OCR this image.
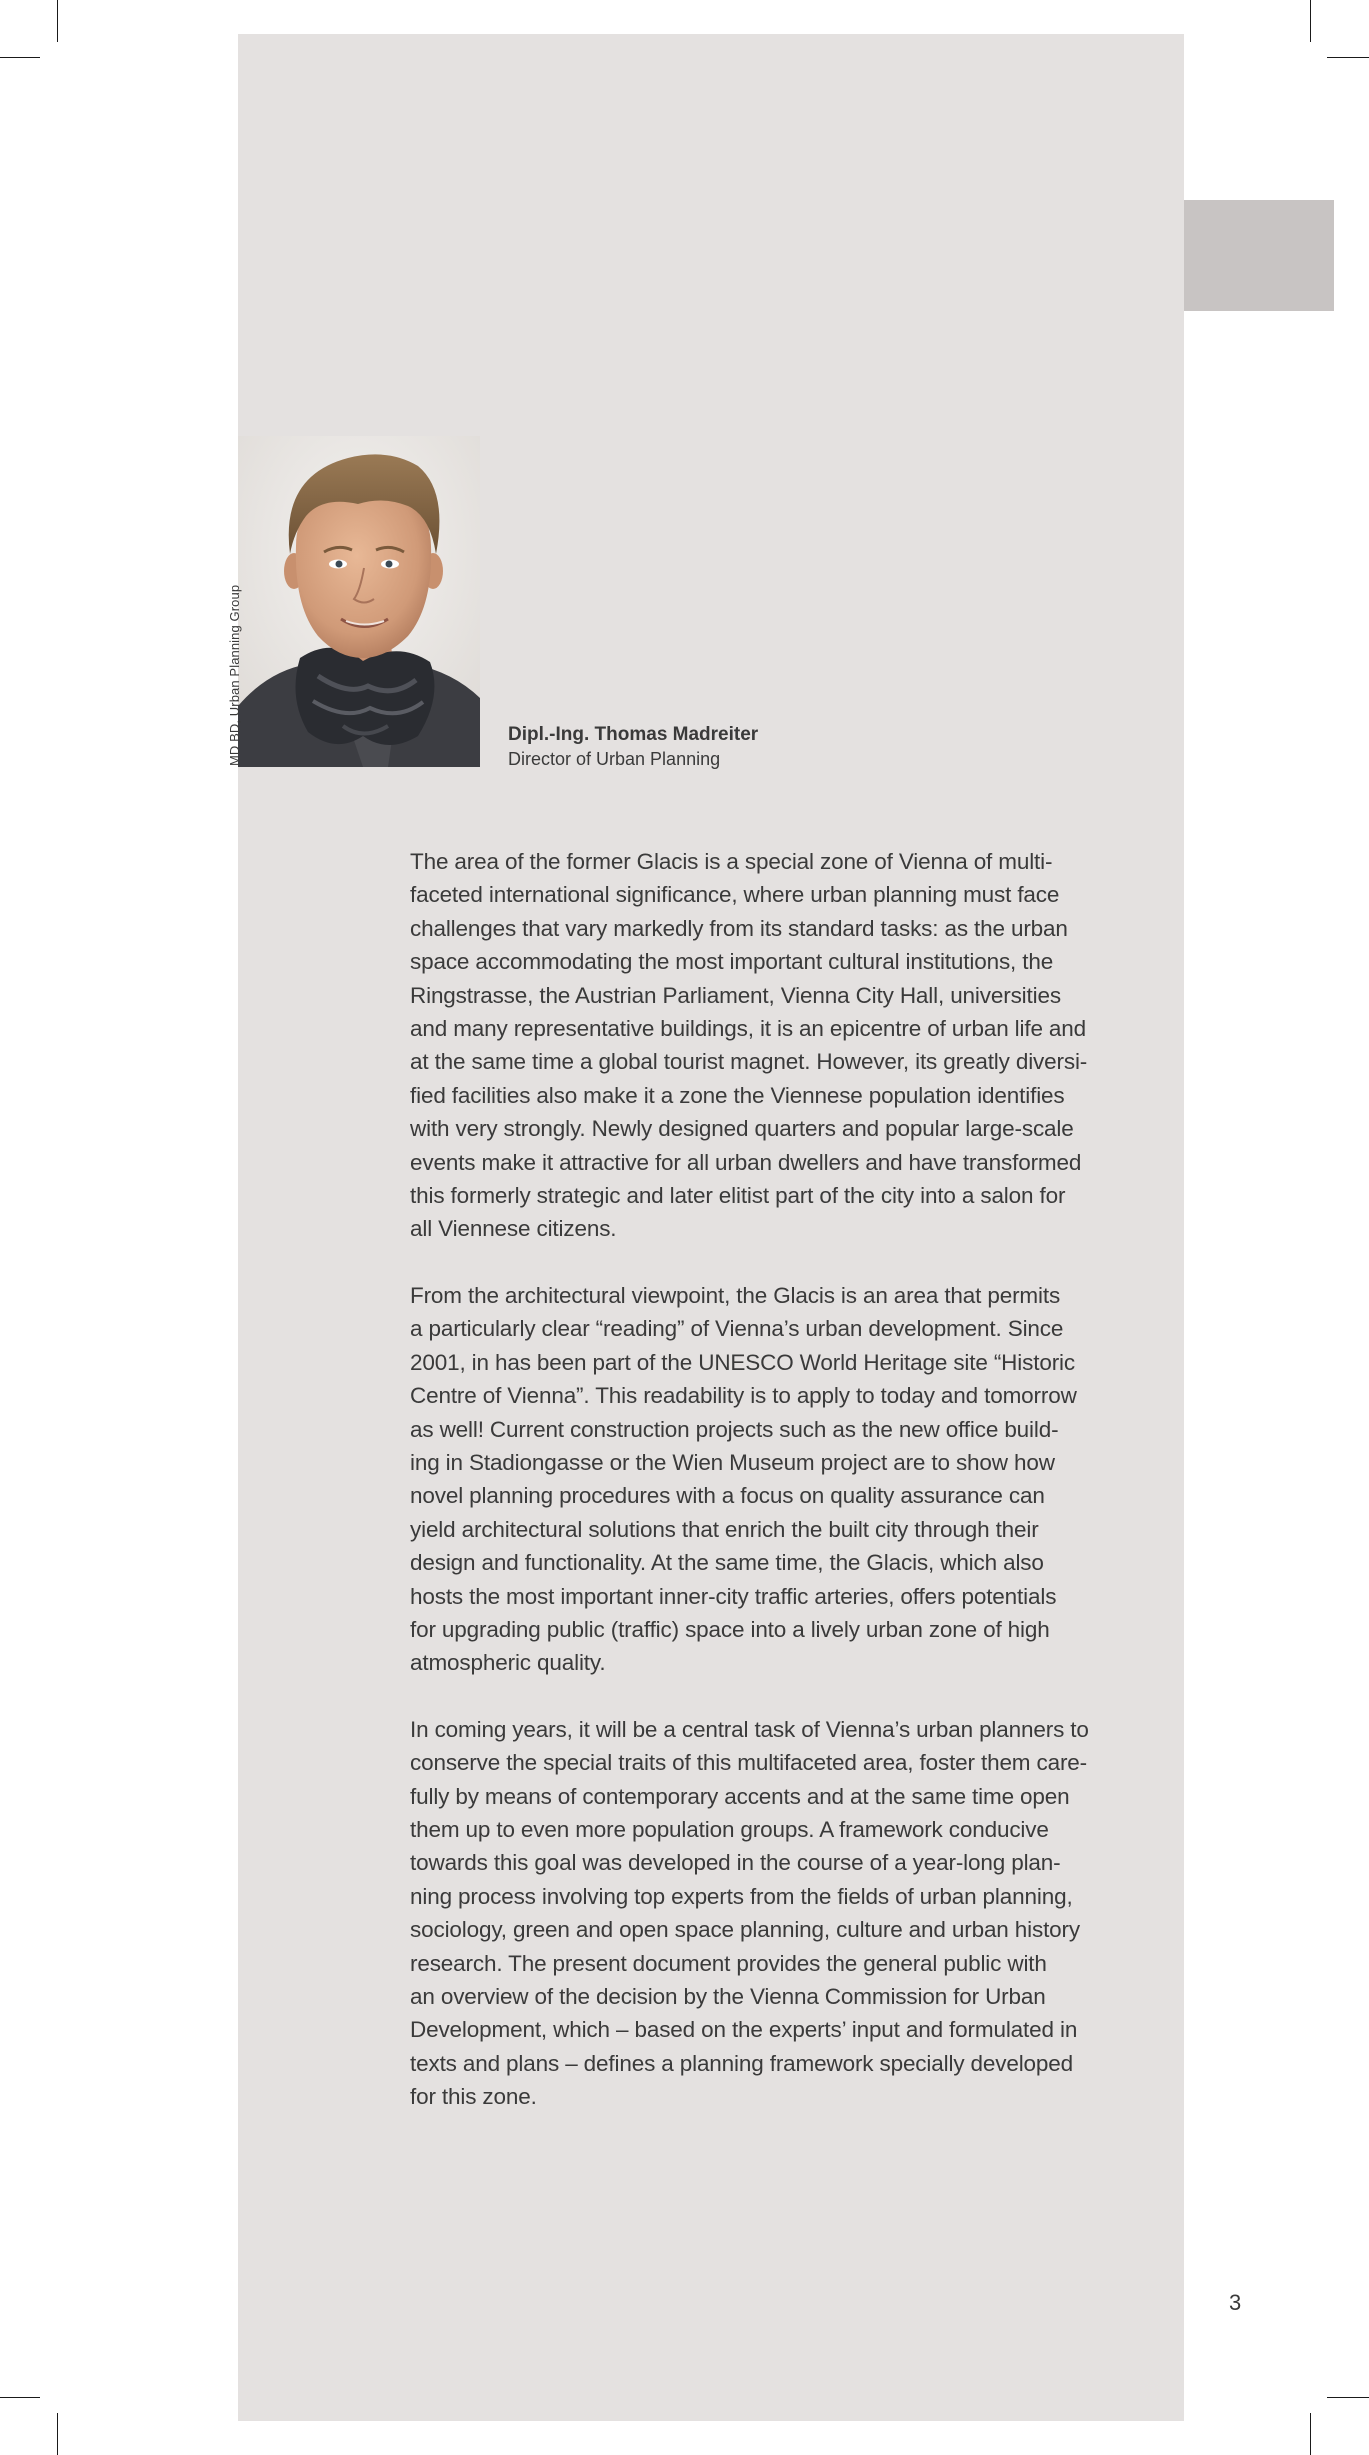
MD BD, Urban Planning Group	Dipl.-Ing. Thomas Madreiter
Director of Urban Planning

The area of the former Glacis is a special zone of Vienna of multi-
faceted international significance, where urban planning must face
challenges that vary markedly from its standard tasks: as the urban
space accommodating the most important cultural institutions, the
Ringstrasse, the Austrian Parliament, Vienna City Hall, universities
and many representative buildings, it is an epicentre of urban life and
at the same time a global tourist magnet. However, its greatly diversi-
fied facilities also make it a zone the Viennese population identifies
with very strongly. Newly designed quarters and popular large-scale
events make it attractive for all urban dwellers and have transformed
this formerly strategic and later elitist part of the city into a salon for
all Viennese citizens.

From the architectural viewpoint, the Glacis is an area that permits
a particularly clear “reading” of Vienna’s urban development. Since
2001, in has been part of the UNESCO World Heritage site “Historic
Centre of Vienna”. This readability is to apply to today and tomorrow
as well! Current construction projects such as the new office build-
ing in Stadiongasse or the Wien Museum project are to show how
novel planning procedures with a focus on quality assurance can
yield architectural solutions that enrich the built city through their
design and functionality. At the same time, the Glacis, which also
hosts the most important inner-city traffic arteries, offers potentials
for upgrading public (traffic) space into a lively urban zone of high
atmospheric quality.

In coming years, it will be a central task of Vienna’s urban planners to
conserve the special traits of this multifaceted area, foster them care-
fully by means of contemporary accents and at the same time open
them up to even more population groups. A framework conducive
towards this goal was developed in the course of a year-long plan-
ning process involving top experts from the fields of urban planning,
sociology, green and open space planning, culture and urban history
research. The present document provides the general public with
an overview of the decision by the Vienna Commission for Urban
Development, which – based on the experts’ input and formulated in
texts and plans – defines a planning framework specially developed
for this zone.

3
